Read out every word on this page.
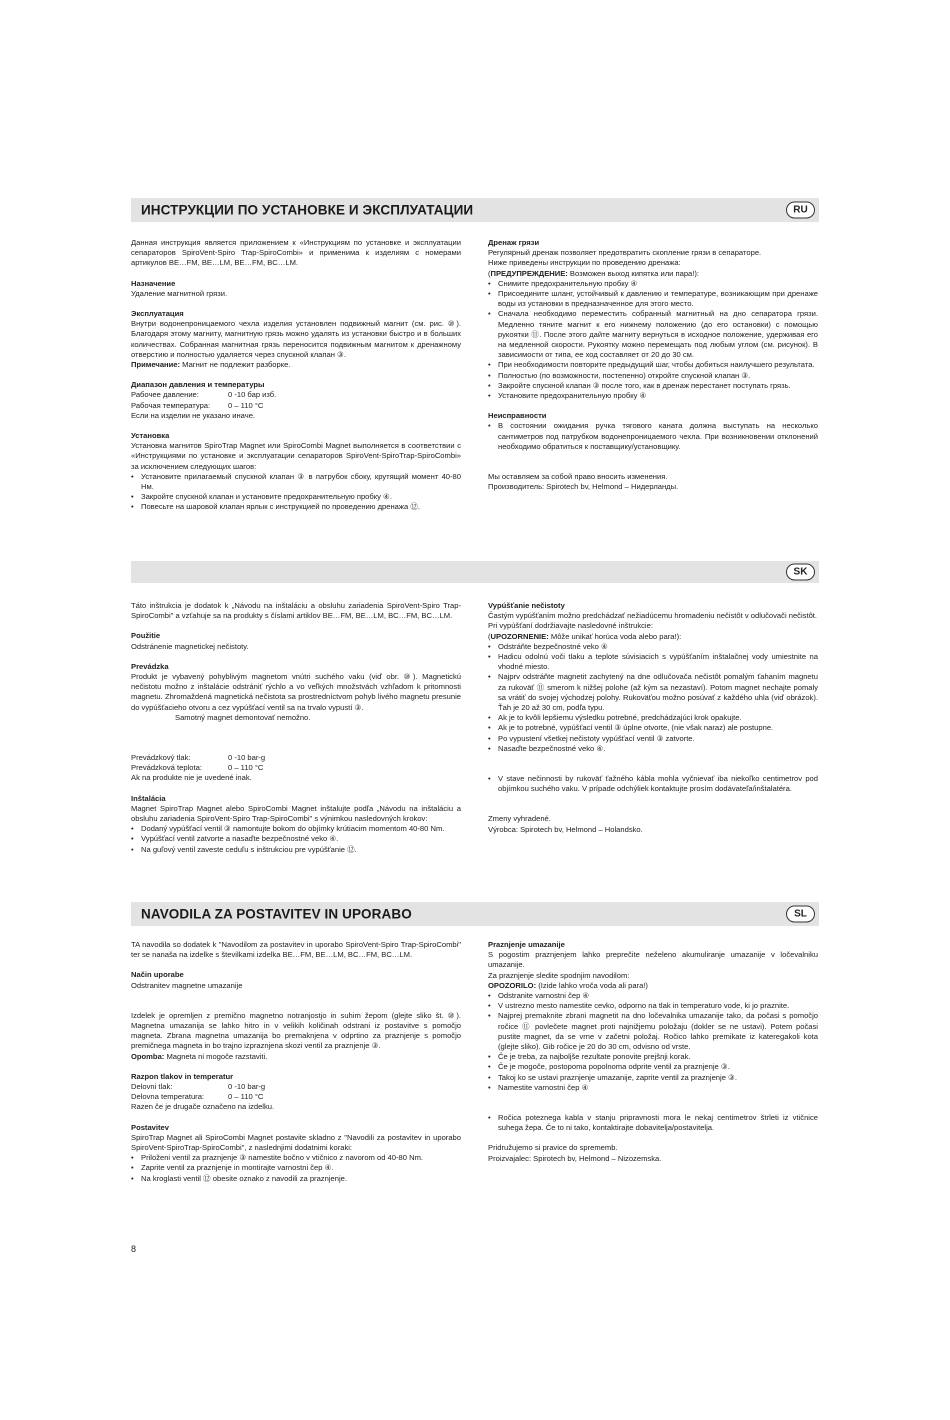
ИНСТРУКЦИИ ПО УСТАНОВКЕ И ЭКСПЛУАТАЦИИ	RU

Данная инструкция является приложением к «Инструкциям по установке и эксплуатации сепараторов SpiroVent-Spiro Trap-SpiroCombi» и применима к изделиям с номерами артикулов BE…FM, BE…LM, BE…FM, BC…LM.

Назначение

Удаление магнитной грязи.

Эксплуатация

Внутри водонепроницаемого чехла изделия установлен подвижный магнит (см. рис. ⑩). Благодаря этому магниту, магнитную грязь можно удалять из установки быстро и в больших количествах. Собранная магнитная грязь переносится подвижным магнитом к дренажному отверстию и полностью удаляется через спускной клапан ③.

Примечание: Магнит не подлежит разборке.

Диапазон давления и температуры

Рабочее давление:	0 -10 бар изб.
Рабочая температура:	0 – 110 °C

Если на изделии не указано иначе.

Установка

Установка магнитов SpiroTrap Magnet или SpiroCombi Magnet выполняется в соответствии с «Инструкциями по установке и эксплуатации сепараторов SpiroVent-SpiroTrap-SpiroCombi» за исключением следующих шагов:

• Установите прилагаемый спускной клапан ③ в патрубок сбоку, крутящий момент 40-80 Нм.
• Закройте спускной клапан и установите предохранительную пробку ④.
• Повесьте на шаровой клапан ярлык с инструкцией по проведению дренажа ⑫.

Дренаж грязи

Регулярный дренаж позволяет предотвратить скопление грязи в сепараторе.

Ниже приведены инструкции по проведению дренажа:

(ПРЕДУПРЕЖДЕНИЕ: Возможен выход кипятка или пара!):

• Снимите предохранительную пробку ④
• Присоедините шланг, устойчивый к давлению и температуре, возникающим при дренаже воды из установки в предназначенное для этого место.
• Сначала необходимо переместить собранный магнитный на дно сепаратора грязи. Медленно тяните магнит к его нижнему положению (до его остановки) с помощью рукоятки ⑪. После этого дайте магниту вернуться в исходное положение, удерживая его на медленной скорости. Рукоятку можно перемещать под любым углом (см. рисунок). В зависимости от типа, ее ход составляет от 20 до 30 см.
• При необходимости повторите предыдущий шаг, чтобы добиться наилучшего результата.
• Полностью (по возможности, постепенно) откройте спускной клапан ③.
• Закройте спускной клапан ③ после того, как в дренаж перестанет поступать грязь.
• Установите предохранительную пробку ④

Неисправности

• В состоянии ожидания ручка тягового каната должна выступать на несколько сантиметров под патрубком водонепроницаемого чехла. При возникновении отклонений необходимо обратиться к поставщику/установщику.

Мы оставляем за собой право вносить изменения.

Производитель: Spirotech bv, Helmond – Нидерланды.

SK

Táto inštrukcia je dodatok k „Návodu na inštaláciu a obsluhu zariadenia SpiroVent-Spiro Trap-SpiroCombi" a vzťahuje sa na produkty s číslami artiklov BE…FM, BE…LM, BC…FM, BC…LM.

Použitie

Odstránenie magnetickej nečistoty.

Prevádzka

Produkt je vybavený pohyblivým magnetom vnútri suchého vaku (viď obr. ⑩). Magnetickú nečistotu možno z inštalácie odstrániť rýchlo a vo veľkých množstvách vzhľadom k pritomnosti magnetu. Zhromaždená magnetická nečistota sa prostredníctvom pohyb livého magnetu presunie do vypúšťacieho otvoru a cez vypúšťací ventil sa na trvalo vypustí ③.

Samotný magnet demontovať nemožno.

Prevádzkový tlak:	0 -10 bar-g
Prevádzková teplota:	0 – 110 °C

Ak na produkte nie je uvedené inak.

Inštalácia

Magnet SpiroTrap Magnet alebo SpiroCombi Magnet inštalujte podľa „Návodu na inštaláciu a obsluhu zariadenia SpiroVent-Spiro Trap-SpiroCombi" s výnimkou nasledovných krokov:

• Dodaný vypúšťací ventil ③ namontujte bokom do objímky krútiacim momentom 40-80 Nm.
• Vypúšťací ventil zatvorte a nasaďte bezpečnostné veko ④.
• Na guľový ventil zaveste ceduľu s inštrukciou pre vypúšťanie ⑫.

Vypúšťanie nečistoty

Častým vypúšťaním možno predchádzať nežiadúcemu hromadeniu nečistôt v odlučovači nečistôt.

Pri vypúšťaní dodržiavajte nasledovné inštrukcie:

(UPOZORNENIE: Môže unikať horúca voda alebo para!):

• Odstráňte bezpečnostné veko ④
• Hadicu odolnú voči tlaku a teplote súvisiacich s vypúšťaním inštalačnej vody umiestnite na vhodné miesto.
• Najprv odstráňte magnetit zachytený na dne odlučovača nečistôt pomalým ťahaním magnetu za rukoväť ⑪ smerom k nižšej polohe (až kým sa nezastaví). Potom magnet nechajte pomaly sa vrátiť do svojej východzej polohy. Rukoväťou možno posúvať z každého uhla (viď obrázok). Ťah je 20 až 30 cm, podľa typu.
• Ak je to kvôli lepšiemu výsledku potrebné, predchádzajúci krok opakujte.
• Ak je to potrebné, vypúšťací ventil ③ úplne otvorte, (nie však naraz) ale postupne.
• Po vypustení všetkej nečistoty vypúšťací ventil ③ zatvorte.
• Nasaďte bezpečnostné veko ④.
• V stave nečinnosti by rukoväť ťažného kábla mohla vyčnievať iba niekoľko centimetrov pod objímkou suchého vaku. V prípade odchýliek kontaktujte prosím dodávateľa/inštalatéra.

Zmeny vyhradené.

Výrobca: Spirotech bv, Helmond – Holandsko.

NAVODILA ZA POSTAVITEV IN UPORABO	SL

TA navodila so dodatek k "Navodilom za postavitev in uporabo SpiroVent-Spiro Trap-SpiroCombi" ter se nanaša na izdelke s številkami izdelka BE…FM, BE…LM, BC…FM, BC…LM.

Način uporabe

Odstranitev magnetne umazanije

Izdelek je opremljen z premično magnetno notranjostjo in suhim žepom (glejte sliko št. ⑩). Magnetna umazanija se lahko hitro in v velikih količinah odstrani iz postavitve s pomočjo magneta. Zbrana magnetna umazanija bo premaknjena v odprtino za praznjenje s pomočjo premičnega magneta in bo trajno izpraznjena skozi ventil za praznjenje ③.

Opomba: Magneta ni mogoče razstaviti.

Razpon tlakov in temperatur

Delovni tlak:	0 -10 bar-g
Delovna temperatura:	0 – 110 °C

Razen če je drugače označeno na izdelku.

Postavitev

SpiroTrap Magnet ali SpiroCombi Magnet postavite skladno z "Navodili za postavitev in uporabo SpiroVent-SpiroTrap-SpiroCombi", z naslednjimi dodatnimi koraki:

• Priloženi ventil za praznjenje ③ namestite bočno v vtičnico z navorom od 40-80 Nm.
• Zaprite ventil za praznjenje in montirajte varnostni čep ④.
• Na kroglasti ventil ⑫ obesite oznako z navodili za praznjenje.

Praznjenje umazanije

S pogostim praznjenjem lahko preprečite neželeno akumuliranje umazanije v ločevalniku umazanije.

Za praznjenje sledite spodnjim navodilom:

OPOZORILO: (Izide lahko vroča voda ali para!)

• Odstranite varnostni čep ④
• V ustrezno mesto namestite cevko, odporno na tlak in temperaturo vode, ki jo praznite.
• Najprej premaknite zbrani magnetit na dno ločevalnika umazanije tako, da počasi s pomočjo ročice ⑪ povlečete magnet proti najnižjemu položaju (dokler se ne ustavi). Potem počasi pustite magnet, da se vrne v začetni položaj. Ročico lahko premikate iz kateregakoli kota (glejte sliko). Gib ročice je 20 do 30 cm, odvisno od vrste.
• Če je treba, za najboljše rezultate ponovite prejšnji korak.
• Če je mogoče, postopoma popolnoma odprite ventil za praznjenje ③.
• Takoj ko se ustavi praznjenje umazanije, zaprite ventil za praznjenje ③.
• Namestite varnostni čep ④
• Ročica poteznega kabla v stanju pripravnosti mora le nekaj centimetrov štrleti iz vtičnice suhega žepa. Če to ni tako, kontaktirajte dobavitelja/postavitelja.

Pridružujemo si pravice do sprememb.

Proizvajalec: Spirotech bv, Helmond – Nizozemska.

8
